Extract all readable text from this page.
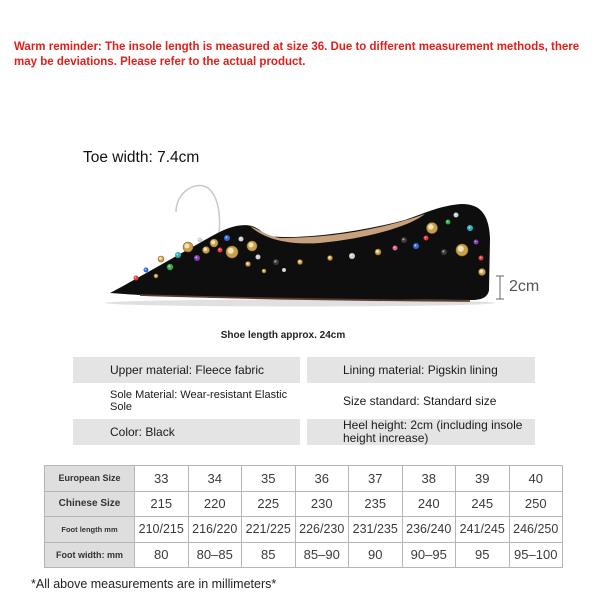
Warm reminder: The insole length is measured at size 36. Due to different measurement methods, there may be deviations. Please refer to the actual product.
Toe width: 7.4cm
2cm
Shoe length approx. 24cm
Upper material: Fleece fabric	Lining material: Pigskin lining
Sole Material: Wear-resistant Elastic Sole	Size standard: Standard size
Color: Black	Heel height: 2cm (including insole height increase)
European Size	33	34	35	36	37	38	39	40
Chinese Size	215	220	225	230	235	240	245	250
Foot length mm	210/215 216/220 221/225 226/230 231/235 236/240 241/245 246/250
Foot width: mm	80	80–85	85	85–90	90	90–95	95	95–100
*All above measurements are in millimeters*
